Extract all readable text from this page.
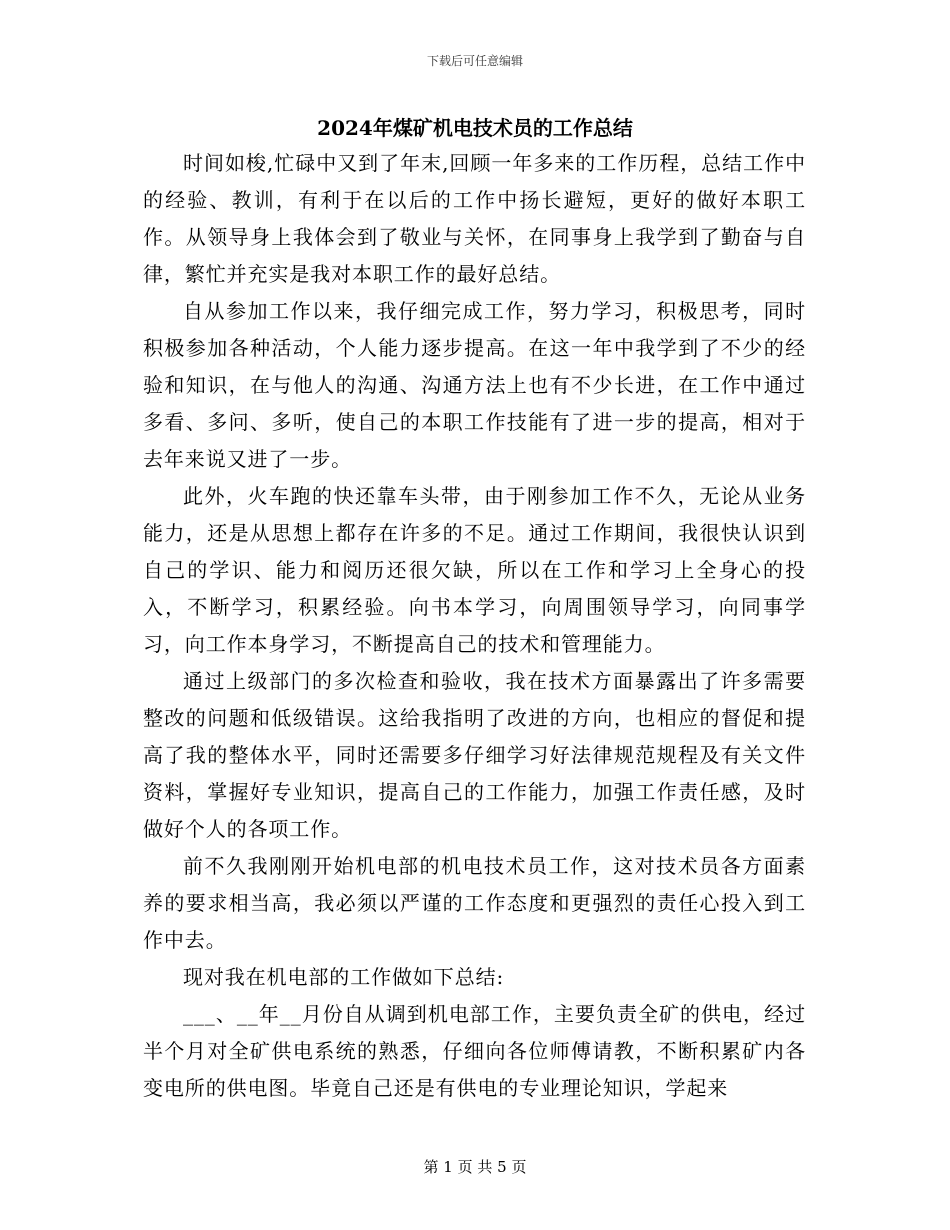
下载后可任意编辑
2024年煤矿机电技术员的工作总结

时间如梭,忙碌中又到了年末,回顾一年多来的工作历程，总结工作中的经验、教训，有利于在以后的工作中扬长避短，更好的做好本职工作。从领导身上我体会到了敬业与关怀，在同事身上我学到了勤奋与自律，繁忙并充实是我对本职工作的最好总结。

自从参加工作以来，我仔细完成工作，努力学习，积极思考，同时积极参加各种活动，个人能力逐步提高。在这一年中我学到了不少的经验和知识，在与他人的沟通、沟通方法上也有不少长进，在工作中通过多看、多问、多听，使自己的本职工作技能有了进一步的提高，相对于去年来说又进了一步。

此外，火车跑的快还靠车头带，由于刚参加工作不久，无论从业务能力，还是从思想上都存在许多的不足。通过工作期间，我很快认识到自己的学识、能力和阅历还很欠缺，所以在工作和学习上全身心的投入，不断学习，积累经验。向书本学习，向周围领导学习，向同事学习，向工作本身学习，不断提高自己的技术和管理能力。

通过上级部门的多次检查和验收，我在技术方面暴露出了许多需要整改的问题和低级错误。这给我指明了改进的方向，也相应的督促和提高了我的整体水平，同时还需要多仔细学习好法律规范规程及有关文件资料，掌握好专业知识，提高自己的工作能力，加强工作责任感，及时做好个人的各项工作。

前不久我刚刚开始机电部的机电技术员工作，这对技术员各方面素养的要求相当高，我必须以严谨的工作态度和更强烈的责任心投入到工作中去。

现对我在机电部的工作做如下总结:

___、__年__月份自从调到机电部工作，主要负责全矿的供电，经过半个月对全矿供电系统的熟悉，仔细向各位师傅请教，不断积累矿内各变电所的供电图。毕竟自己还是有供电的专业理论知识，学起来

第 1 页 共 5 页
